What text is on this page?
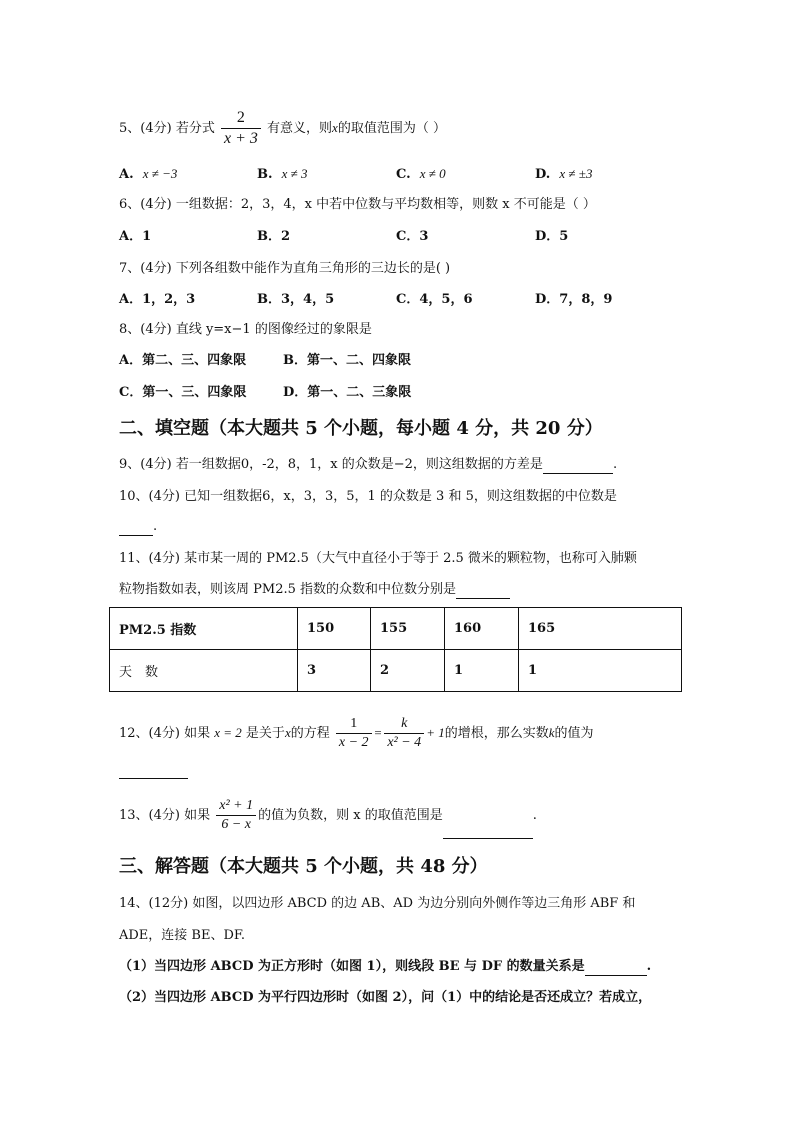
5、(4分) 若分式 $\frac{2}{x + 3}$ 有意义，则x的取值范围为（ ）
A. x ≠ −3	B. x ≠ 3	C. x ≠ 0	D. x ≠ ±3
6、(4分) 一组数据：2，3，4，x 中若中位数与平均数相等，则数 x 不可能是（ ）
A．1	B．2	C．3	D．5
7、(4分) 下列各组数中能作为直角三角形的三边长的是( )
A．1，2，3	B．3，4，5	C．4，5，6	D．7，8，9
8、(4分) 直线 y=x−1 的图像经过的象限是
A．第二、三、四象限	B．第一、二、四象限
C．第一、三、四象限	D．第一、二、三象限
二、填空题（本大题共 5 个小题，每小题 4 分，共 20 分）
9、(4分) 若一组数据0，-2，8，1，x 的众数是−2，则这组数据的方差是	.
10、(4分) 已知一组数据6，x，3，3，5，1 的众数是 3 和 5，则这组数据的中位数是
.
11、(4分) 某市某一周的 PM2.5（大气中直径小于等于 2.5 微米的颗粒物，也称可入肺颗
粒物指数如表，则该周 PM2.5 指数的众数和中位数分别是
PM2.5 指数	150	155	160	165
天　数	3	2	1	1
12、(4分) 如果 x = 2 是关于x的方程 $\frac{1}{x - 2} = \frac{k}{\text{x² − 4}} + 1$的增根，那么实数k的值为

13、(4分) 如果 $\frac{\text{x² + 1}}{6 - x}$ 的值为负数，则 x 的取值范围是	.
三、解答题（本大题共 5 个小题，共 48 分）
14、(12分) 如图，以四边形 ABCD 的边 AB、AD 为边分别向外侧作等边三角形 ABF 和
ADE，连接 BE、DF.
（1）当四边形 ABCD 为正方形时（如图 1），则线段 BE 与 DF 的数量关系是	.
（2）当四边形 ABCD 为平行四边形时（如图 2），问（1）中的结论是否还成立？若成立，
